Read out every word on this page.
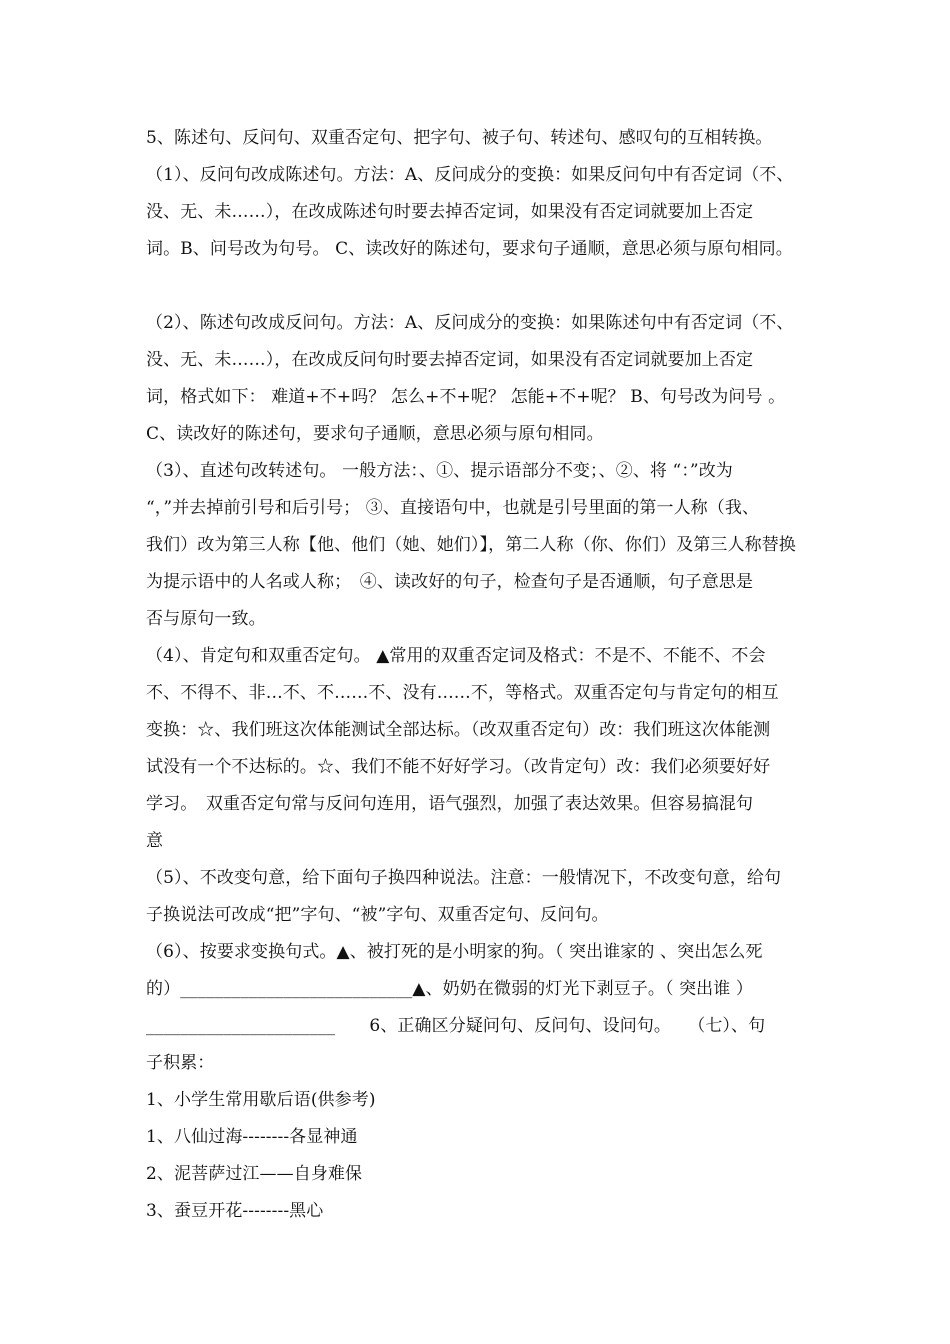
5、陈述句、反问句、双重否定句、把字句、被子句、转述句、感叹句的互相转换。
（1）、反问句改成陈述句。方法：A、反问成分的变换：如果反问句中有否定词（不、
没、无、未……），在改成陈述句时要去掉否定词，如果没有否定词就要加上否定
词。B、问号改为句号。 C、读改好的陈述句，要求句子通顺，意思必须与原句相同。
（2）、陈述句改成反问句。方法：A、反问成分的变换：如果陈述句中有否定词（不、
没、无、未……），在改成反问句时要去掉否定词，如果没有否定词就要加上否定
词，格式如下： 难道+不+吗？ 怎么+不+呢？ 怎能+不+呢？ B、句号改为问号 。
C、读改好的陈述句，要求句子通顺，意思必须与原句相同。
（3）、直述句改转述句。 一般方法：、①、提示语部分不变；、②、将 “：”改为
“，”并去掉前引号和后引号； ③、直接语句中，也就是引号里面的第一人称（我、
我们）改为第三人称【他、他们（她、她们）】，第二人称（你、你们）及第三人称替换
为提示语中的人名或人称；　④、读改好的句子，检查句子是否通顺，句子意思是
否与原句一致。
（4）、肯定句和双重否定句。 ▲常用的双重否定词及格式：不是不、不能不、不会
不、不得不、非…不、不……不、没有……不，等格式。双重否定句与肯定句的相互
变换：☆、我们班这次体能测试全部达标。（改双重否定句）改：我们班这次体能测
试没有一个不达标的。☆、我们不能不好好学习。（改肯定句）改：我们必须要好好
学习。　双重否定句常与反问句连用，语气强烈，加强了表达效果。但容易搞混句
意
（5）、不改变句意，给下面句子换四种说法。注意：一般情况下，不改变句意，给句
子换说法可改成“把”字句、“被”字句、双重否定句、反问句。
（6）、按要求变换句式。▲、被打死的是小明家的狗。（ 突出谁家的 、突出怎么死
的）___________________________▲、奶奶在微弱的灯光下剥豆子。（ 突出谁 ）
______________________　　6、正确区分疑问句、反问句、设问句。　　（七）、句
子积累：
1、小学生常用歇后语(供参考)
1、八仙过海--------各显神通
2、泥菩萨过江——自身难保
3、蚕豆开花--------黑心
